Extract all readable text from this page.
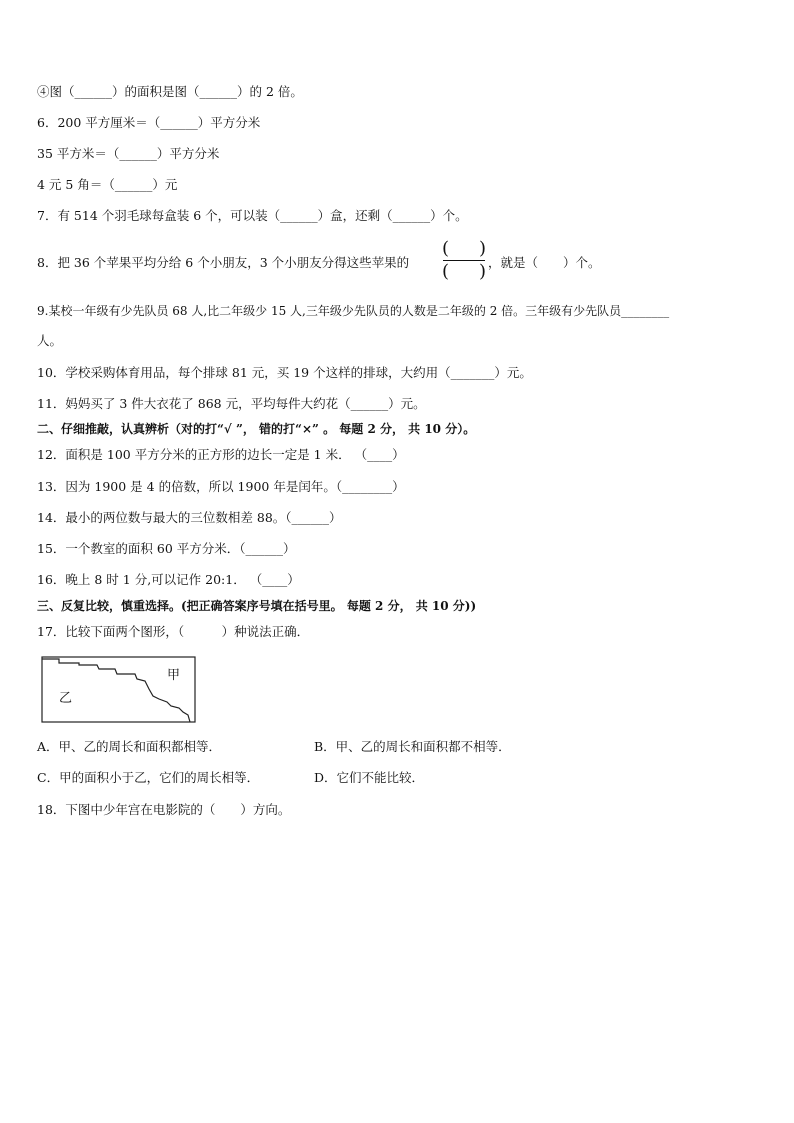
④图（______）的面积是图（______）的 2 倍。
6．200 平方厘米＝（______）平方分米
35 平方米＝（______）平方分米
4 元 5 角＝（______）元
7．有 514 个羽毛球每盒装 6 个，可以装（______）盒，还剩（______）个。
8．把 36 个苹果平均分给 6 个小朋友，3 个小朋友分得这些苹果的
( )
( ) ，就是（　　）个。
9.某校一年级有少先队员 68 人,比二年级少 15 人,三年级少先队员的人数是二年级的 2 倍。三年级有少先队员________
人。
10．学校采购体育用品，每个排球 81 元，买 19 个这样的排球，大约用（_______）元。
11．妈妈买了 3 件大衣花了 868 元，平均每件大约花（______）元。
二、仔细推敲，认真辨析（对的打“√ ”， 错的打“×” 。 每题 2 分， 共 10 分）。
12．面积是 100 平方分米的正方形的边长一定是 1 米． （____）
13．因为 1900 是 4 的倍数，所以 1900 年是闰年。（________）
14．最小的两位数与最大的三位数相差 88。（______）
15．一个教室的面积 60 平方分米．（______）
16．晚上 8 时 1 分,可以记作 20:1． （____）
三、反复比较，慎重选择。(把正确答案序号填在括号里。 每题 2 分， 共 10 分))
17．比较下面两个图形，（　　　）种说法正确．
甲
乙
A．甲、乙的周长和面积都相等．	B．甲、乙的周长和面积都不相等．
C．甲的面积小于乙，它们的周长相等．	D．它们不能比较．
18．下图中少年宫在电影院的（　　）方向。
